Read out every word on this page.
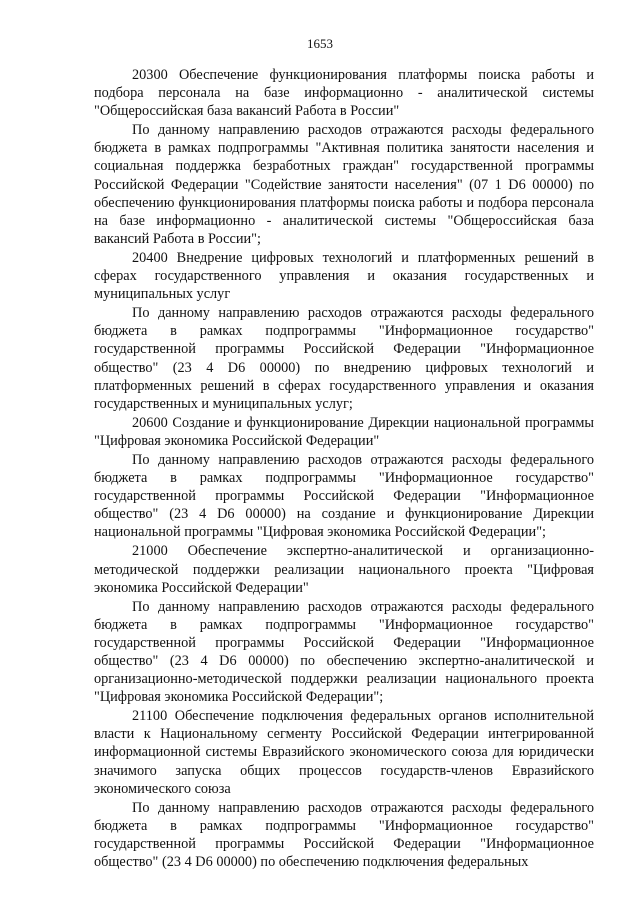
1653

20300 Обеспечение функционирования платформы поиска работы и подбора персонала на базе информационно - аналитической системы "Общероссийская база вакансий Работа в России"

По данному направлению расходов отражаются расходы федерального бюджета в рамках подпрограммы "Активная политика занятости населения и социальная поддержка безработных граждан" государственной программы Российской Федерации "Содействие занятости населения" (07 1 D6 00000) по обеспечению функционирования платформы поиска работы и подбора персонала на базе информационно - аналитической системы "Общероссийская база вакансий Работа в России";

20400 Внедрение цифровых технологий и платформенных решений в сферах государственного управления и оказания государственных и муниципальных услуг

По данному направлению расходов отражаются расходы федерального бюджета в рамках подпрограммы "Информационное государство" государственной программы Российской Федерации "Информационное общество" (23 4 D6 00000) по внедрению цифровых технологий и платформенных решений в сферах государственного управления и оказания государственных и муниципальных услуг;

20600 Создание и функционирование Дирекции национальной программы "Цифровая экономика Российской Федерации"

По данному направлению расходов отражаются расходы федерального бюджета в рамках подпрограммы "Информационное государство" государственной программы Российской Федерации "Информационное общество" (23 4 D6 00000) на создание и функционирование Дирекции национальной программы "Цифровая экономика Российской Федерации";

21000 Обеспечение экспертно-аналитической и организационно-методической поддержки реализации национального проекта "Цифровая экономика Российской Федерации"

По данному направлению расходов отражаются расходы федерального бюджета в рамках подпрограммы "Информационное государство" государственной программы Российской Федерации "Информационное общество" (23 4 D6 00000) по обеспечению экспертно-аналитической и организационно-методической поддержки реализации национального проекта "Цифровая экономика Российской Федерации";

21100 Обеспечение подключения федеральных органов исполнительной власти к Национальному сегменту Российской Федерации интегрированной информационной системы Евразийского экономического союза для юридически значимого запуска общих процессов государств-членов Евразийского экономического союза

По данному направлению расходов отражаются расходы федерального бюджета в рамках подпрограммы "Информационное государство" государственной программы Российской Федерации "Информационное общество" (23 4 D6 00000) по обеспечению подключения федеральных
